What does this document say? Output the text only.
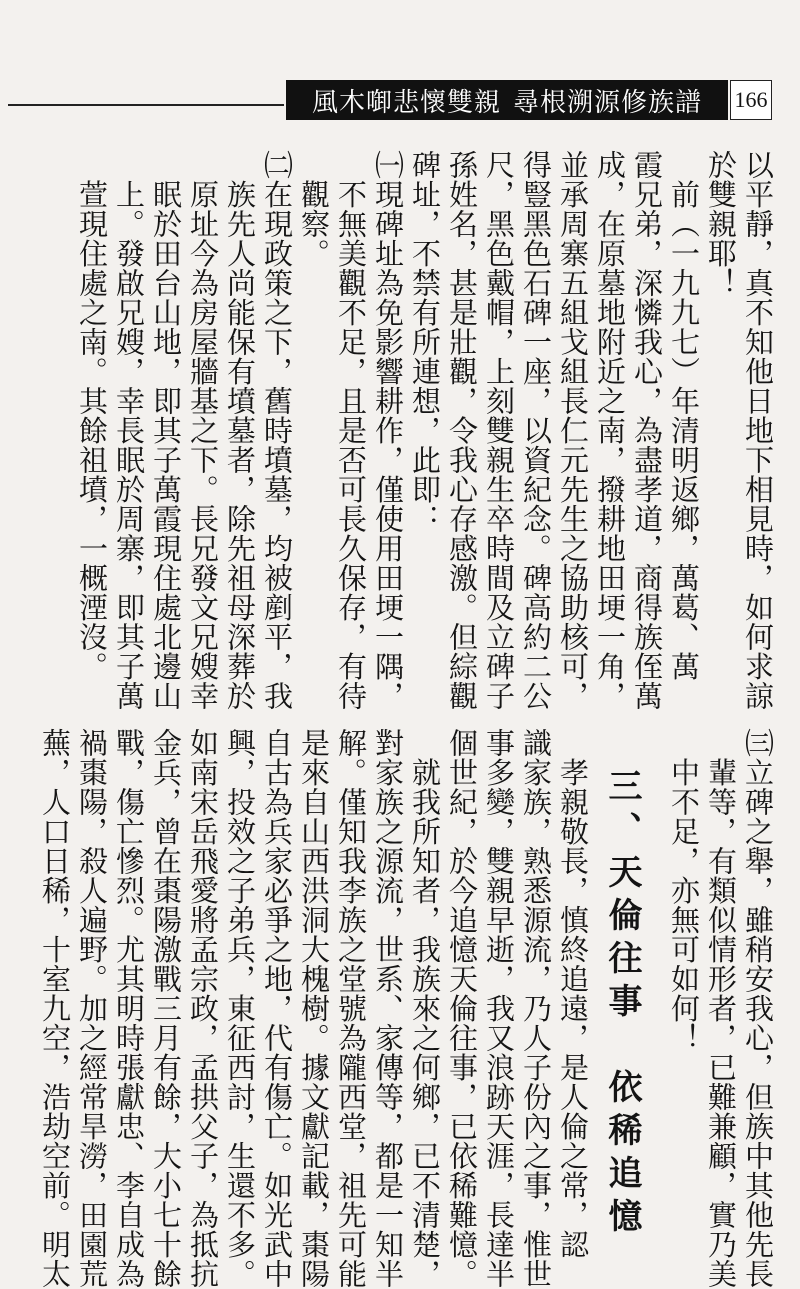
風木啣悲懷雙親 尋根溯源修族譜 166
以平靜，真不知他日地下相見時，如何求諒
於雙親耶！
　前（一九九七）年清明返鄉，萬葛、萬
霞兄弟，深憐我心，為盡孝道，商得族侄萬
成，在原墓地附近之南，撥耕地田埂一角，
並承周寨五組戈組長仁元先生之協助核可，
得豎黑色石碑一座，以資紀念。碑高約二公
尺，黑色戴帽，上刻雙親生卒時間及立碑子
孫姓名，甚是壯觀，令我心存感激。但綜觀
碑址，不禁有所連想，此即：
㈠現碑址為免影響耕作，僅使用田埂一隅，
　不無美觀不足，且是否可長久保存，有待
　觀察。
㈡在現政策之下，舊時墳墓，均被剷平，我
　族先人尚能保有墳墓者，除先祖母深葬於
　原址今為房屋牆基之下。長兄發文兄嫂幸
　眠於田台山地，即其子萬霞現住處北邊山
　上。發啟兄嫂，幸長眠於周寨，即其子萬
　萱現住處之南。其餘祖墳，一概湮沒。
㈢立碑之舉，雖稍安我心，但族中其他先長
　輩等，有類似情形者，已難兼顧，實乃美
　中不足，亦無可如何！
三、天倫往事　依稀追憶
　孝親敬長，慎終追遠，是人倫之常，認
識家族，熟悉源流，乃人子份內之事，惟世
事多變，雙親早逝，我又浪跡天涯，長達半
個世紀，於今追憶天倫往事，已依稀難憶。
　就我所知者，我族來之何鄉，已不清楚，
對家族之源流，世系、家傳等，都是一知半
解。僅知我李族之堂號為隴西堂，祖先可能
是來自山西洪洞大槐樹。據文獻記載，棗陽
自古為兵家必爭之地，代有傷亡。如光武中
興，投效之子弟兵，東征西討，生還不多。
如南宋岳飛愛將孟宗政，孟拱父子，為抵抗
金兵，曾在棗陽激戰三月有餘，大小七十餘
戰，傷亡慘烈。尤其明時張獻忠、李自成為
禍棗陽，殺人遍野。加之經常旱澇，田園荒
蕪，人口日稀，十室九空，浩劫空前。明太
